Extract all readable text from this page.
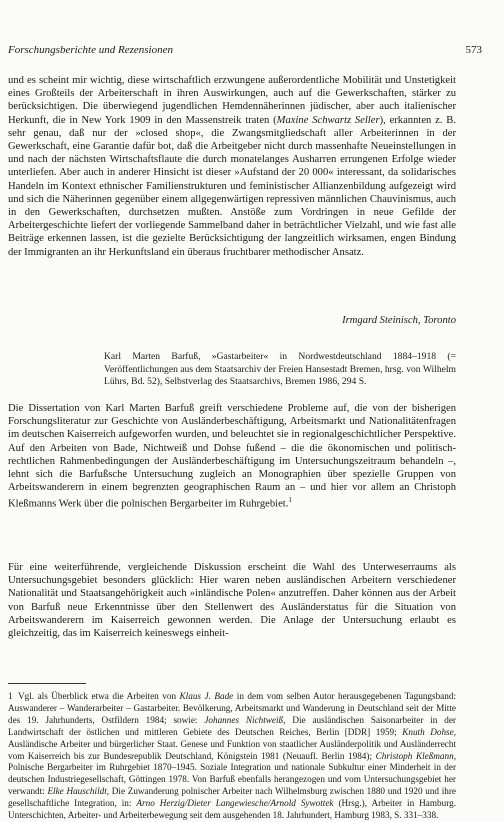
Forschungsberichte und Rezensionen	573

und es scheint mir wichtig, diese wirtschaftlich erzwungene außerordentliche Mobilität und Unstetigkeit eines Großteils der Arbeiterschaft in ihren Auswirkungen, auch auf die Gewerkschaften, stärker zu berücksichtigen. Die überwiegend jugendlichen Hemdennäherinnen jüdischer, aber auch italienischer Herkunft, die in New York 1909 in den Massenstreik traten (Maxine Schwartz Seller), erkannten z. B. sehr genau, daß nur der »closed shop«, die Zwangsmitgliedschaft aller Arbeiterinnen in der Gewerkschaft, eine Garantie dafür bot, daß die Arbeitgeber nicht durch massenhafte Neueinstellungen in und nach der nächsten Wirtschaftsflaute die durch monatelanges Ausharren errungenen Erfolge wieder unterliefen. Aber auch in anderer Hinsicht ist dieser »Aufstand der 20 000« interessant, da solidarisches Handeln im Kontext ethnischer Familienstrukturen und feministischer Allianzenbildung aufgezeigt wird und sich die Näherinnen gegenüber einem allgegenwärtigen repressiven männlichen Chauvinismus, auch in den Gewerkschaften, durchsetzen mußten. Anstöße zum Vordringen in neue Gefilde der Arbeitergeschichte liefert der vorliegende Sammelband daher in beträchtlicher Vielzahl, und wie fast alle Beiträge erkennen lassen, ist die gezielte Berücksichtigung der langzeitlich wirksamen, engen Bindung der Immigranten an ihr Herkunftsland ein überaus fruchtbarer methodischer Ansatz.

Irmgard Steinisch, Toronto
Karl Marten Barfuß, »Gastarbeiter« in Nordwestdeutschland 1884–1918 (= Veröffentlichungen aus dem Staatsarchiv der Freien Hansestadt Bremen, hrsg. von Wilhelm Lührs, Bd. 52), Selbstverlag des Staatsarchivs, Bremen 1986, 294 S.

Die Dissertation von Karl Marten Barfuß greift verschiedene Probleme auf, die von der bisherigen Forschungsliteratur zur Geschichte von Ausländerbeschäftigung, Arbeitsmarkt und Nationalitätenfragen im deutschen Kaiserreich aufgeworfen wurden, und beleuchtet sie in regionalgeschichtlicher Perspektive. Auf den Arbeiten von Bade, Nichtweiß und Dohse fußend – die die ökonomischen und politisch-rechtlichen Rahmenbedingungen der Ausländerbeschäftigung im Untersuchungszeitraum behandeln –, lehnt sich die Barfußsche Untersuchung zugleich an Monographien über spezielle Gruppen von Arbeitswanderern in einem begrenzten geographischen Raum an – und hier vor allem an Christoph Kleßmanns Werk über die polnischen Bergarbeiter im Ruhrgebiet.$^1$

Für eine weiterführende, vergleichende Diskussion erscheint die Wahl des Unterweserraums als Untersuchungsgebiet besonders glücklich: Hier waren neben ausländischen Arbeitern verschiedener Nationalität und Staatsangehörigkeit auch »inländische Polen« anzutreffen. Daher können aus der Arbeit von Barfuß neue Erkenntnisse über den Stellenwert des Ausländerstatus für die Situation von Arbeitswanderern im Kaiserreich gewonnen werden. Die Anlage der Untersuchung erlaubt es gleichzeitig, das im Kaiserreich keineswegs einheit-

1 Vgl. als Überblick etwa die Arbeiten von Klaus J. Bade in dem vom selben Autor herausgegebenen Tagungsband: Auswanderer – Wanderarbeiter – Gastarbeiter. Bevölkerung, Arbeitsmarkt und Wanderung in Deutschland seit der Mitte des 19. Jahrhunderts, Ostfildern 1984; sowie: Johannes Nichtweiß, Die ausländischen Saisonarbeiter in der Landwirtschaft der östlichen und mittleren Gebiete des Deutschen Reiches, Berlin [DDR] 1959; Knuth Dohse, Ausländische Arbeiter und bürgerlicher Staat. Genese und Funktion von staatlicher Ausländerpolitik und Ausländerrecht vom Kaiserreich bis zur Bundesrepublik Deutschland, Königstein 1981 (Neuaufl. Berlin 1984); Christoph Kleßmann, Polnische Bergarbeiter im Ruhrgebiet 1870–1945. Soziale Integration und nationale Subkultur einer Minderheit in der deutschen Industriegesellschaft, Göttingen 1978. Von Barfuß ebenfalls herangezogen und vom Untersuchungsgebiet her verwandt: Elke Hauschildt, Die Zuwanderung polnischer Arbeiter nach Wilhelmsburg zwischen 1880 und 1920 und ihre gesellschaftliche Integration, in: Arno Herzig/Dieter Langewiesche/Arnold Sywottek (Hrsg.), Arbeiter in Hamburg. Unterschichten, Arbeiter- und Arbeiterbewegung seit dem ausgehenden 18. Jahrhundert, Hamburg 1983, S. 331–338.
